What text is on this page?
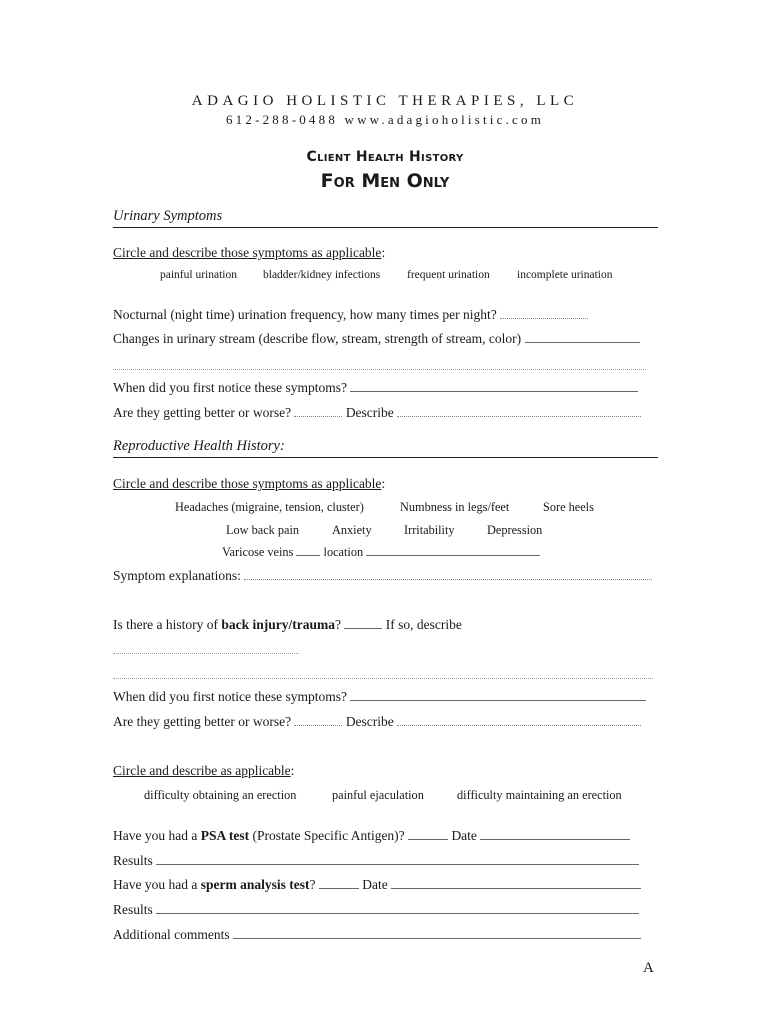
ADAGIO HOLISTIC THERAPIES, LLC
612-288-0488 www.adagioholistic.com
Client Health History
For Men Only
Urinary Symptoms
Circle and describe those symptoms as applicable:
painful urination bladder/kidney infections frequent urination incomplete urination
Nocturnal (night time) urination frequency, how many times per night?
Changes in urinary stream (describe flow, stream, strength of stream, color)
When did you first notice these symptoms?
Are they getting better or worse?	Describe
Reproductive Health History:
Circle and describe those symptoms as applicable:
Headaches (migraine, tension, cluster)	Numbness in legs/feet	Sore heels
Low back pain	Anxiety	Irritability	Depression
Varicose veins location
Symptom explanations:
Is there a history of back injury/trauma?	If so, describe
When did you first notice these symptoms?
Are they getting better or worse?	Describe
Circle and describe as applicable:
difficulty obtaining an erection	painful ejaculation	difficulty maintaining an erection
Have you had a PSA test (Prostate Specific Antigen)?	Date
Results
Have you had a sperm analysis test?	Date
Results
Additional comments
A
